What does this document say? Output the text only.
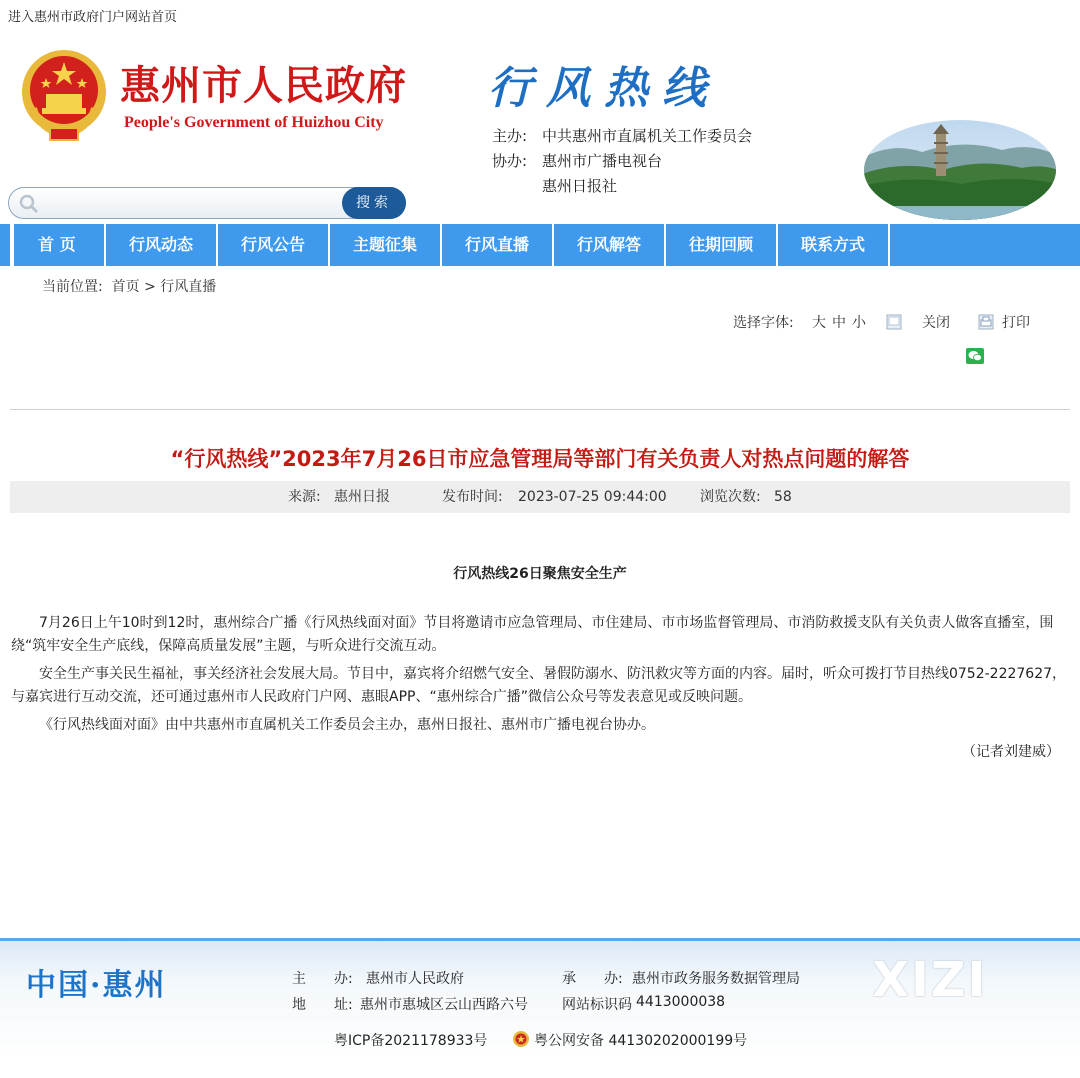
进入惠州市政府门户网站首页
惠州市人民政府
People's Government of Huizhou City
行风热线
主办: 中共惠州市直属机关工作委员会
协办: 惠州市广播电视台
惠州日报社
搜索
首 页	行风动态	行风公告	主题征集	行风直播	行风解答	往期回顾	联系方式
当前位置: 首页 > 行风直播
选择字体: 大 中 小	关闭	打印
“行风热线”2023年7月26日市应急管理局等部门有关负责人对热点问题的解答
来源: 惠州日报	发布时间: 2023-07-25 09:44:00 浏览次数: 58
行风热线26日聚焦安全生产
7月26日上午10时到12时，惠州综合广播《行风热线面对面》节目将邀请市应急管理局、市住建局、市市场监督管理局、市消防救援支队有关负责人做客直播室，围绕“筑牢安全生产底线，保障高质量发展”主题，与听众进行交流互动。
安全生产事关民生福祉，事关经济社会发展大局。节目中，嘉宾将介绍燃气安全、暑假防溺水、防汛救灾等方面的内容。届时，听众可拨打节目热线0752-2227627，与嘉宾进行互动交流，还可通过惠州市人民政府门户网、惠眼APP、“惠州综合广播”微信公众号等发表意见或反映问题。
《行风热线面对面》由中共惠州市直属机关工作委员会主办，惠州日报社、惠州市广播电视台协办。
（记者刘建威）
中国·惠州	XIZI
主　　办: 惠州市人民政府	承　　办: 惠州市政务服务数据管理局
地　　址: 惠州市惠城区云山西路六号 网站标识码 4413000038
粤ICP备2021178933号	粤公网安备 44130202000199号
